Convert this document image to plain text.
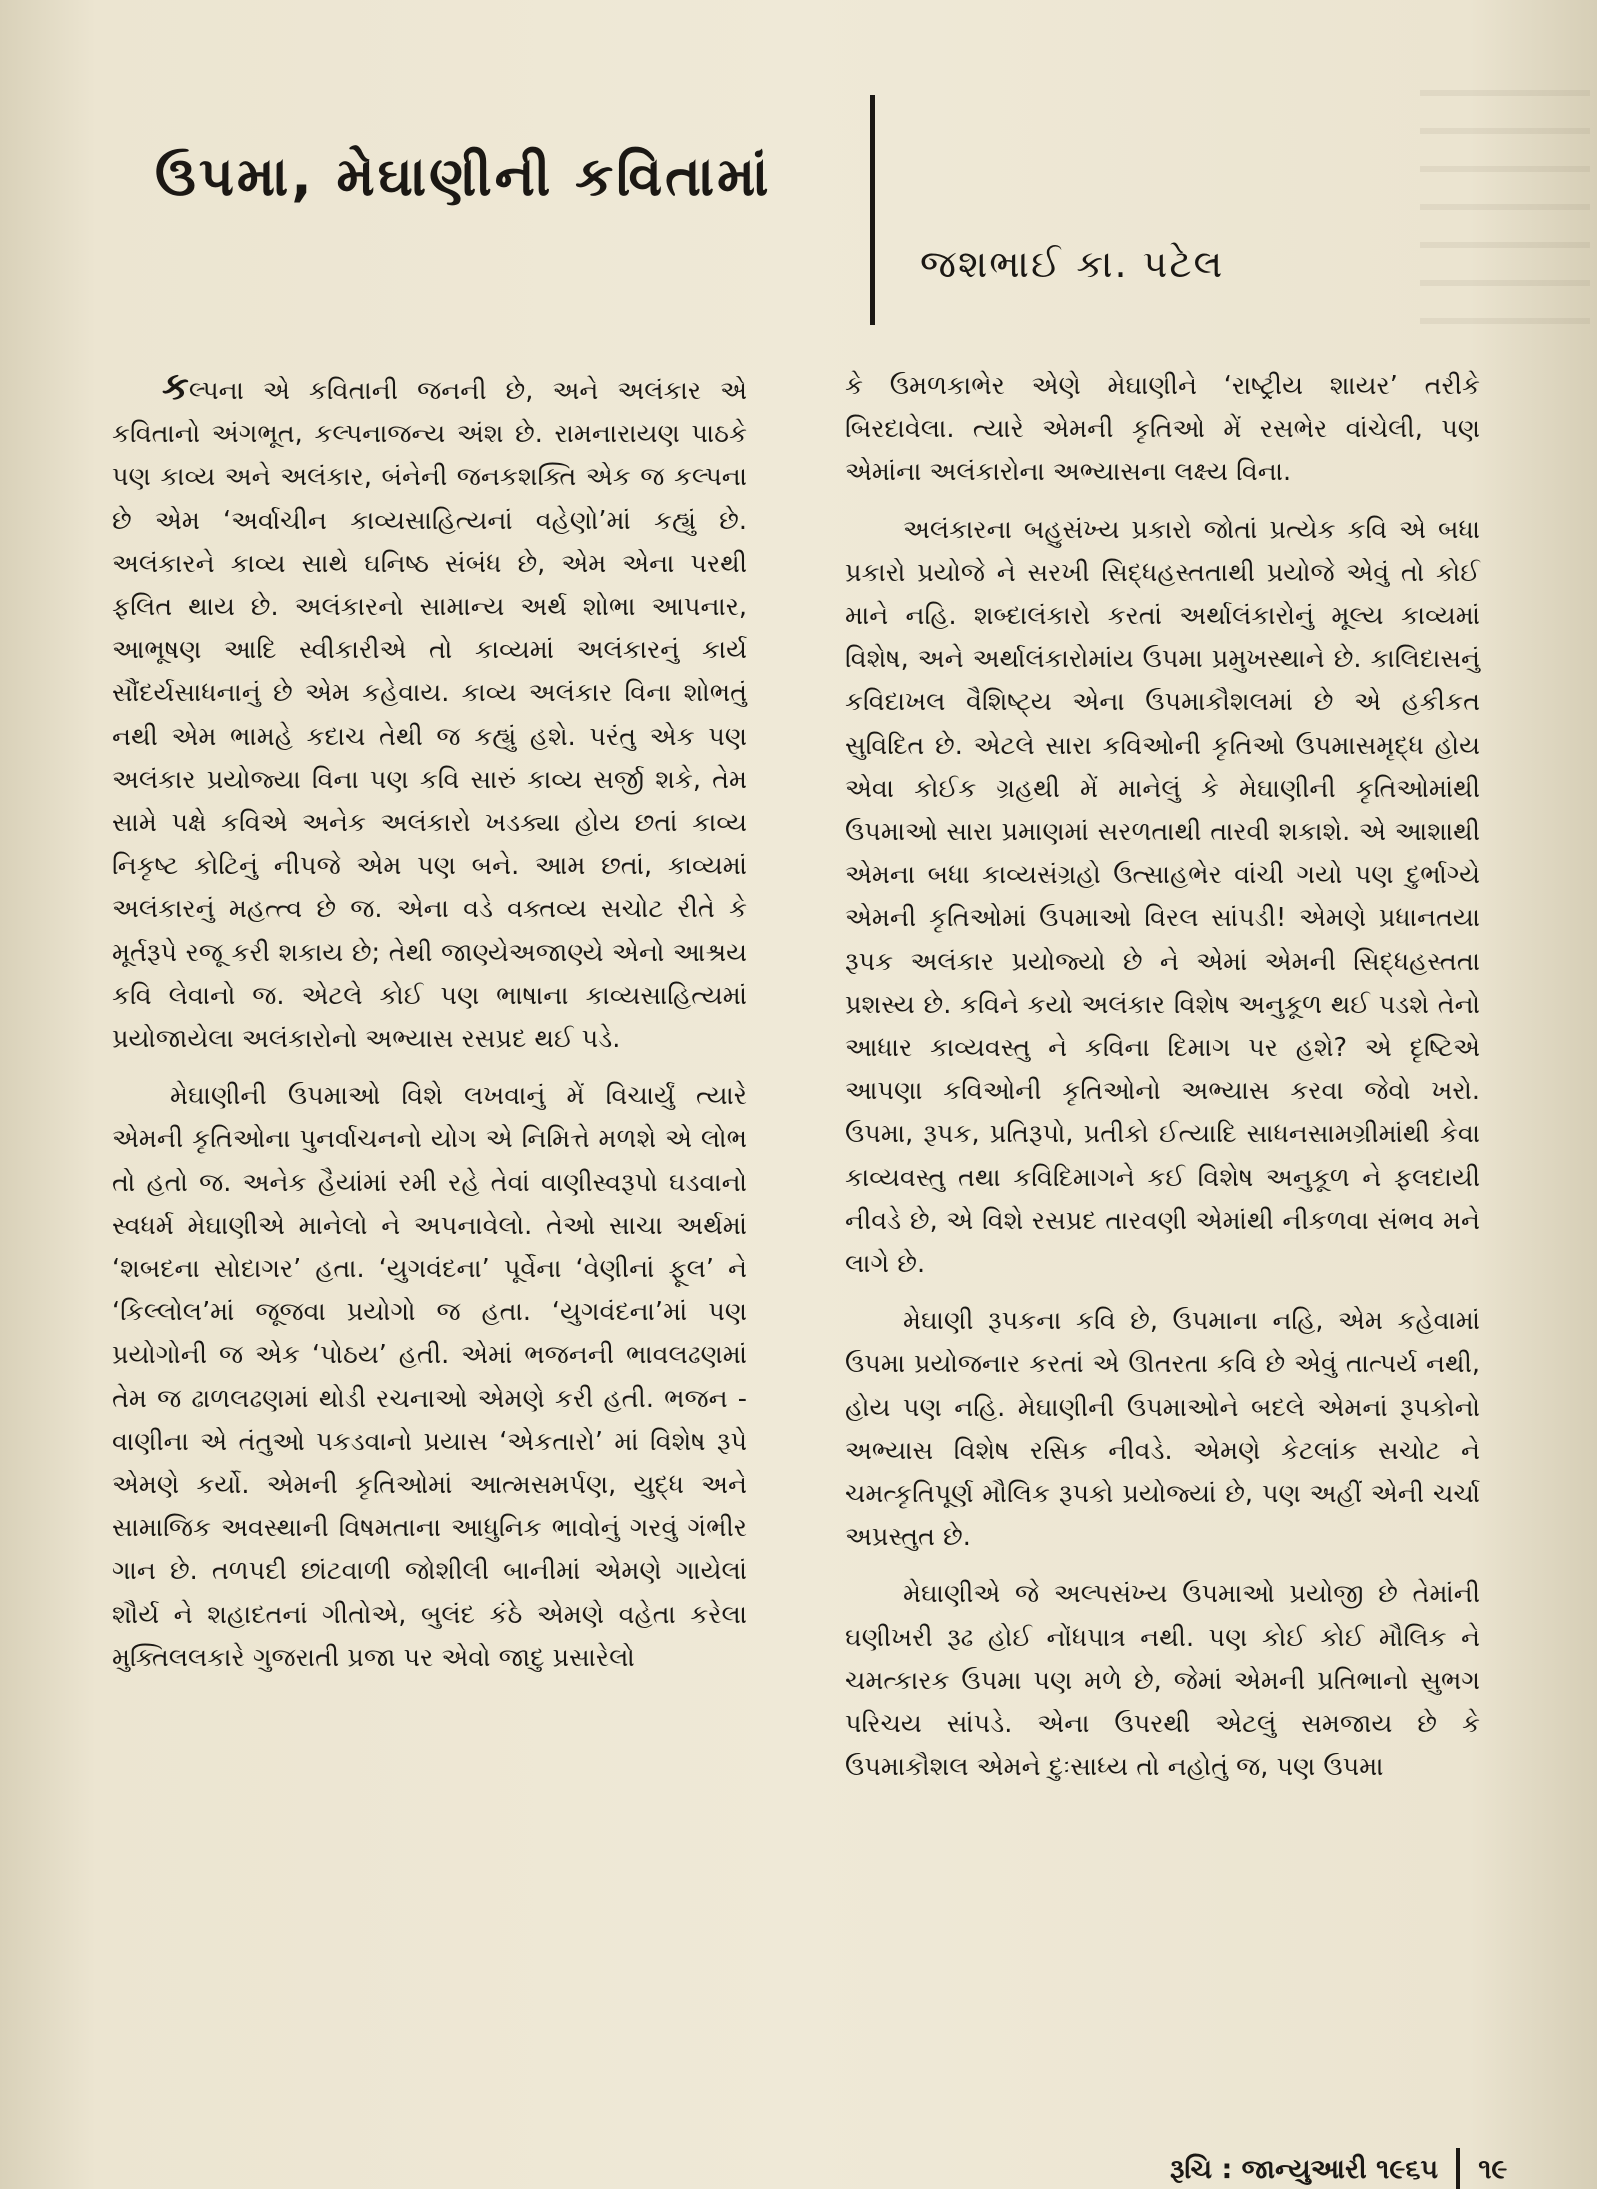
ઉપમા, મેઘાણીની કવિતામાં
જશભાઈ કા. પટેલ

કલ્પના એ કવિતાની જનની છે, અને અલંકાર એ કવિતાનો અંગભૂત, કલ્પનાજન્ય અંશ છે. રામનારાયણ પાઠકે પણ કાવ્ય અને અલંકાર, બંનેની જનકશક્તિ એક જ કલ્પના છે એમ ‘અર્વાચીન કાવ્યસાહિત્યનાં વહેણો’માં કહ્યું છે. અલંકારને કાવ્ય સાથે ઘનિષ્ઠ સંબંધ છે, એમ એના પરથી ફલિત થાય છે. અલંકારનો સામાન્ય અર્થ શોભા આપનાર, આભૂષણ આદિ સ્વીકારીએ તો કાવ્યમાં અલંકારનું કાર્ય સૌંદર્યસાધનાનું છે એમ કહેવાય. કાવ્ય અલંકાર વિના શોભતું નથી એમ ભામહે કદાચ તેથી જ કહ્યું હશે. પરંતુ એક પણ અલંકાર પ્રયોજ્યા વિના પણ કવિ સારું કાવ્ય સર્જી શકે, તેમ સામે પક્ષે કવિએ અનેક અલંકારો ખડક્યા હોય છતાં કાવ્ય નિકૃષ્ટ કોટિનું નીપજે એમ પણ બને. આમ છતાં, કાવ્યમાં અલંકારનું મહત્ત્વ છે જ. એના વડે વક્તવ્ય સચોટ રીતે કે મૂર્તરૂપે રજૂ કરી શકાય છે; તેથી જાણ્યેઅજાણ્યે એનો આશ્રય કવિ લેવાનો જ. એટલે કોઈ પણ ભાષાના કાવ્યસાહિત્યમાં પ્રયોજાયેલા અલંકારોનો અભ્યાસ રસપ્રદ થઈ પડે.

મેઘાણીની ઉપમાઓ વિશે લખવાનું મેં વિચાર્યું ત્યારે એમની કૃતિઓના પુનર્વાચનનો યોગ એ નિમિત્તે મળશે એ લોભ તો હતો જ. અનેક હૈયાંમાં રમી રહે તેવાં વાણીસ્વરૂપો ઘડવાનો સ્વધર્મ મેઘાણીએ માનેલો ને અપનાવેલો. તેઓ સાચા અર્થમાં ‘શબદના સોદાગર’ હતા. ‘યુગવંદના’ પૂર્વેના ‘વેણીનાં ફૂલ’ ને ‘કિલ્લોલ’માં જૂજવા પ્રયોગો જ હતા. ‘યુગવંદના’માં પણ પ્રયોગોની જ એક ‘પોઠય’ હતી. એમાં ભજનની ભાવલઢણમાં તેમ જ ઢાળલઢણમાં થોડી રચનાઓ એમણે કરી હતી. ભજન - વાણીના એ તંતુઓ પકડવાનો પ્રયાસ ‘એકતારો’ માં વિશેષ રૂપે એમણે કર્યો. એમની કૃતિઓમાં આત્મસમર્પણ, યુદ્ધ અને સામાજિક અવસ્થાની વિષમતાના આધુનિક ભાવોનું ગરવું ગંભીર ગાન છે. તળપદી છાંટવાળી જોશીલી બાનીમાં એમણે ગાયેલાં શૌર્ય ને શહાદતનાં ગીતોએ, બુલંદ કંઠે એમણે વહેતા કરેલા મુક્તિલલકારે ગુજરાતી પ્રજા પર એવો જાદુ પ્રસારેલો

કે ઉમળકાભેર એણે મેઘાણીને ‘રાષ્ટ્રીય શાયર’ તરીકે બિરદાવેલા. ત્યારે એમની કૃતિઓ મેં રસભેર વાંચેલી, પણ એમાંના અલંકારોના અભ્યાસના લક્ષ્ય વિના.

અલંકારના બહુસંખ્ય પ્રકારો જોતાં પ્રત્યેક કવિ એ બધા પ્રકારો પ્રયોજે ને સરખી સિદ્ધહસ્તતાથી પ્રયોજે એવું તો કોઈ માને નહિ. શબ્દાલંકારો કરતાં અર્થાલંકારોનું મૂલ્ય કાવ્યમાં વિશેષ, અને અર્થાલંકારોમાંય ઉપમા પ્રમુખસ્થાને છે. કાલિદાસનું કવિદાખલ વૈશિષ્ટ્ય એના ઉપમાકૌશલમાં છે એ હકીકત સુવિદિત છે. એટલે સારા કવિઓની કૃતિઓ ઉપમાસમૃદ્ધ હોય એવા કોઈક ગ્રહથી મેં માનેલું કે મેઘાણીની કૃતિઓમાંથી ઉપમાઓ સારા પ્રમાણમાં સરળતાથી તારવી શકાશે. એ આશાથી એમના બધા કાવ્યસંગ્રહો ઉત્સાહભેર વાંચી ગયો પણ દુર્ભાગ્યે એમની કૃતિઓમાં ઉપમાઓ વિરલ સાંપડી! એમણે પ્રધાનતયા રૂપક અલંકાર પ્રયોજ્યો છે ને એમાં એમની સિદ્ધહસ્તતા પ્રશસ્ય છે. કવિને કયો અલંકાર વિશેષ અનુકૂળ થઈ પડશે તેનો આધાર કાવ્યવસ્તુ ને કવિના દિમાગ પર હશે? એ દૃષ્ટિએ આપણા કવિઓની કૃતિઓનો અભ્યાસ કરવા જેવો ખરો. ઉપમા, રૂપક, પ્રતિરૂપો, પ્રતીકો ઈત્યાદિ સાધનસામગ્રીમાંથી કેવા કાવ્યવસ્તુ તથા કવિદિમાગને કઈ વિશેષ અનુકૂળ ને ફલદાયી નીવડે છે, એ વિશે રસપ્રદ તારવણી એમાંથી નીકળવા સંભવ મને લાગે છે.

મેઘાણી રૂપકના કવિ છે, ઉપમાના નહિ, એમ કહેવામાં ઉપમા પ્રયોજનાર કરતાં એ ઊતરતા કવિ છે એવું તાત્પર્ય નથી, હોય પણ નહિ. મેઘાણીની ઉપમાઓને બદલે એમનાં રૂપકોનો અભ્યાસ વિશેષ રસિક નીવડે. એમણે કેટલાંક સચોટ ને ચમત્કૃતિપૂર્ણ મૌલિક રૂપકો પ્રયોજ્યાં છે, પણ અહીં એની ચર્ચા અપ્રસ્તુત છે.

મેઘાણીએ જે અલ્પસંખ્ય ઉપમાઓ પ્રયોજી છે તેમાંની ઘણીખરી રૂઢ હોઈ નોંધપાત્ર નથી. પણ કોઈ કોઈ મૌલિક ને ચમત્કારક ઉપમા પણ મળે છે, જેમાં એમની પ્રતિભાનો સુભગ પરિચય સાંપડે. એના ઉપરથી એટલું સમજાય છે કે ઉપમાકૌશલ એમને દુઃસાધ્ય તો નહોતું જ, પણ ઉપમા

રૂચિ : જાન્યુઆરી ૧૯૬૫ ૧૯
